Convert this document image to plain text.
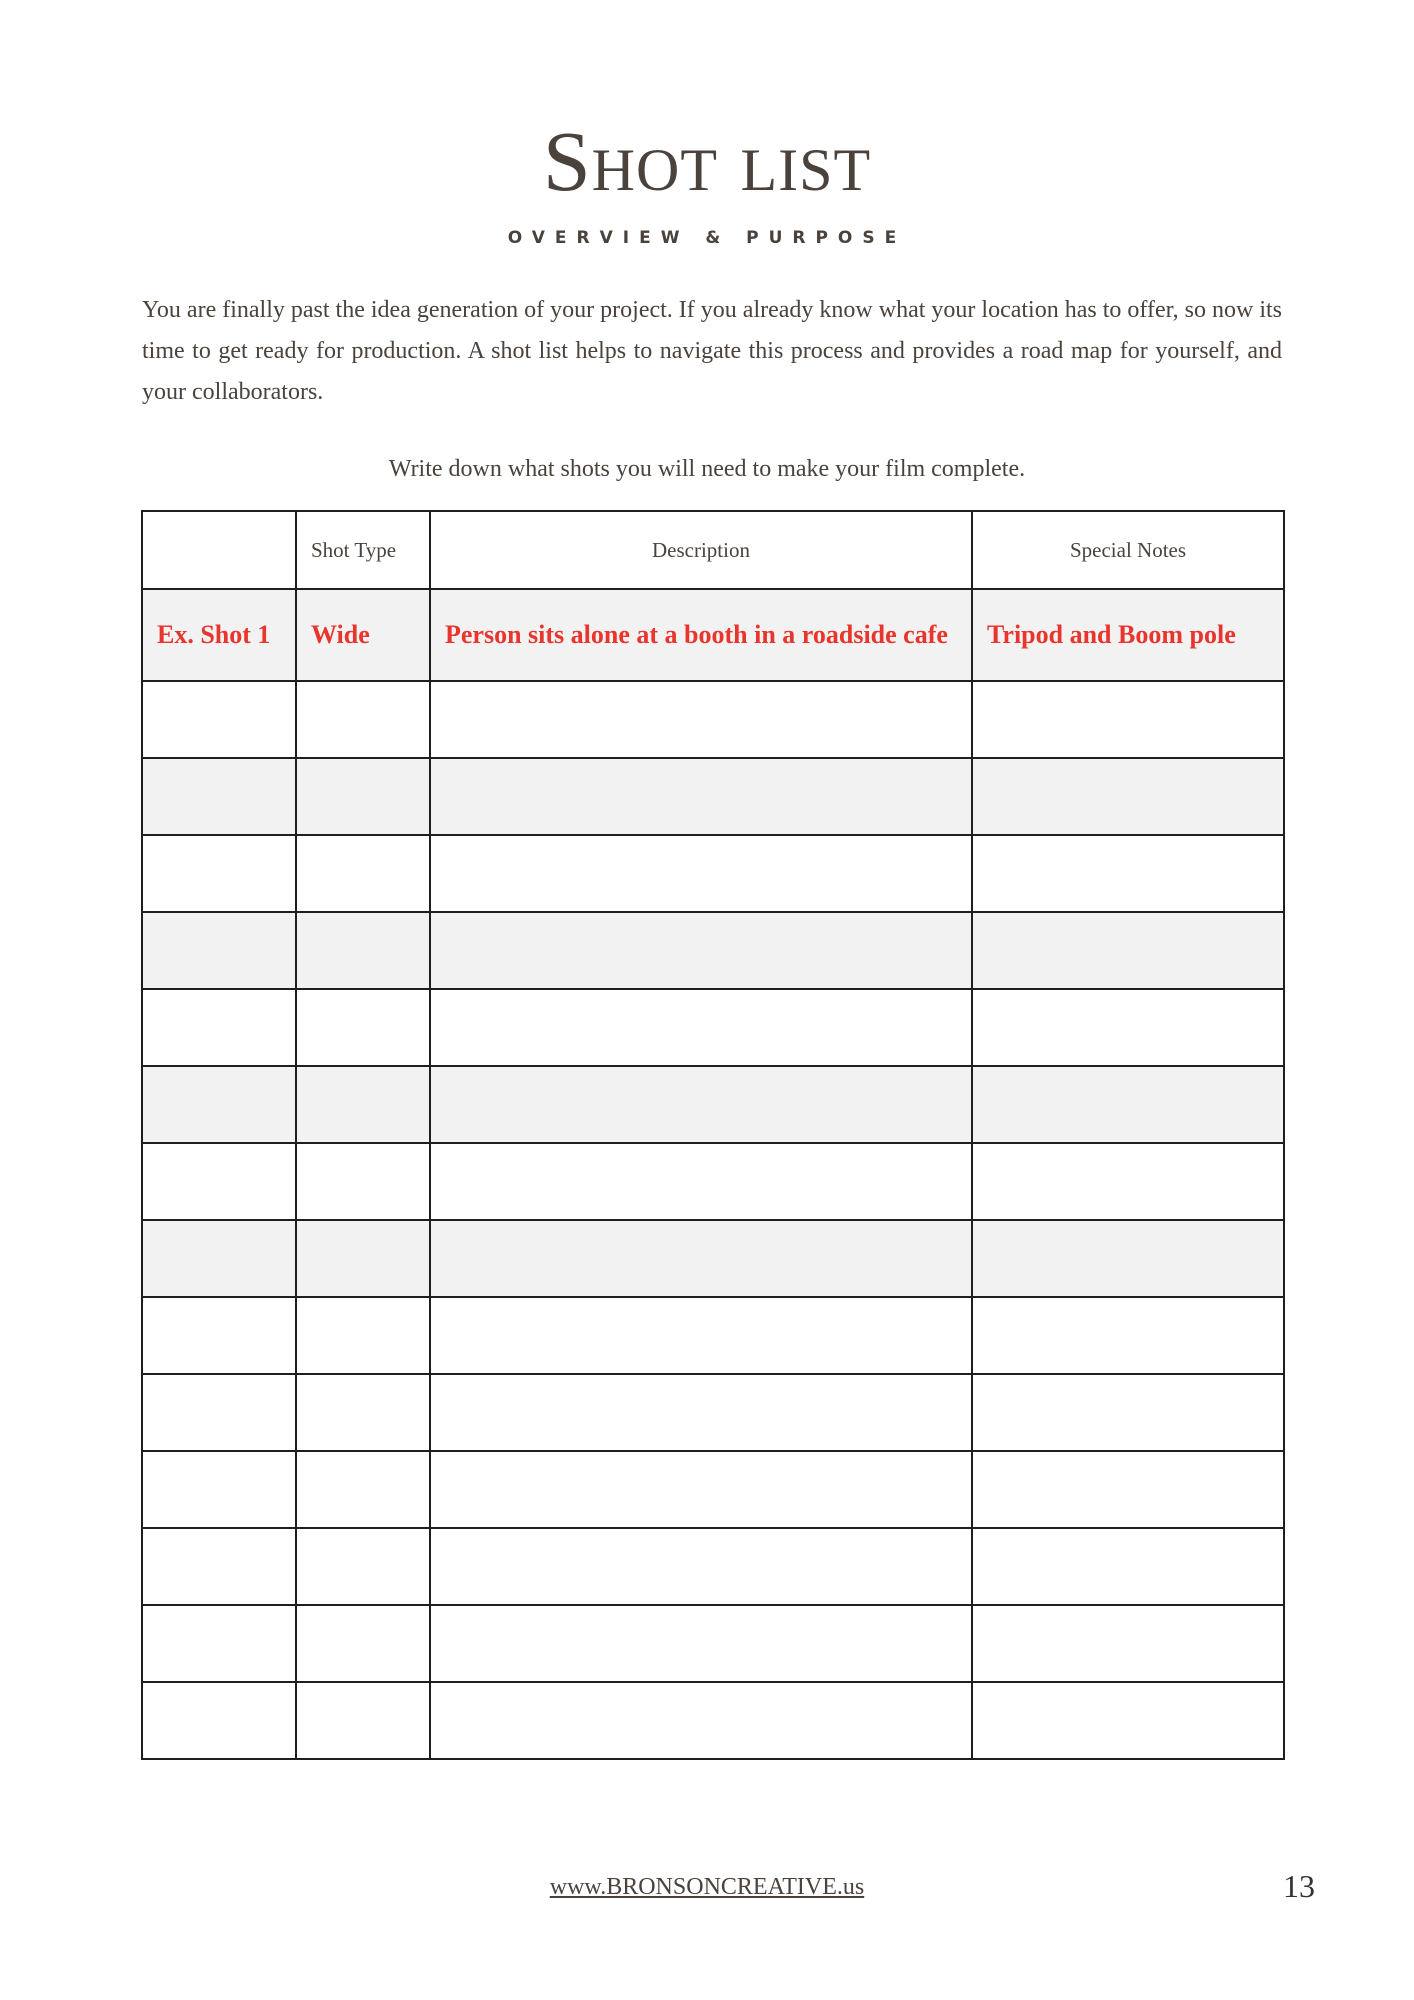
Shot list
OVERVIEW & PURPOSE

You are finally past the idea generation of your project. If you already know what your location has to offer, so now its time to get ready for production. A shot list helps to navigate this process and provides a road map for yourself, and your collaborators.

Write down what shots you will need to make your film complete.
	Shot Type	Description	Special Notes
Ex. Shot 1	Wide	Person sits alone at a booth in a roadside cafe	Tripod and Boom pole

www.BRONSONCREATIVE.us	13
